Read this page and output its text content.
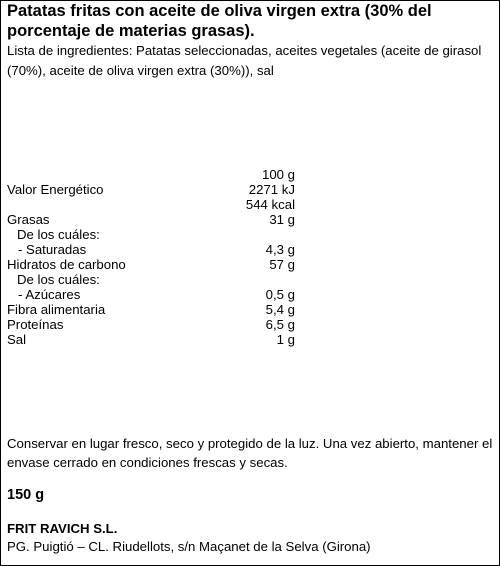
Patatas fritas con aceite de oliva virgen extra (30% del porcentaje de materias grasas).
Lista de ingredientes: Patatas seleccionadas, aceites vegetales (aceite de girasol (70%), aceite de oliva virgen extra (30%)), sal
100 g
Valor Energético	2271 kJ
544 kcal
Grasas	31 g
De los cuáles:
- Saturadas	4,3 g
Hidratos de carbono	57 g
De los cuáles:
- Azúcares	0,5 g
Fibra alimentaria	5,4 g
Proteínas	6,5 g
Sal	1 g
Conservar en lugar fresco, seco y protegido de la luz. Una vez abierto, mantener el envase cerrado en condiciones frescas y secas.
150 g
FRIT RAVICH S.L.
PG. Puigtió – CL. Riudellots, s/n Maçanet de la Selva (Girona)
